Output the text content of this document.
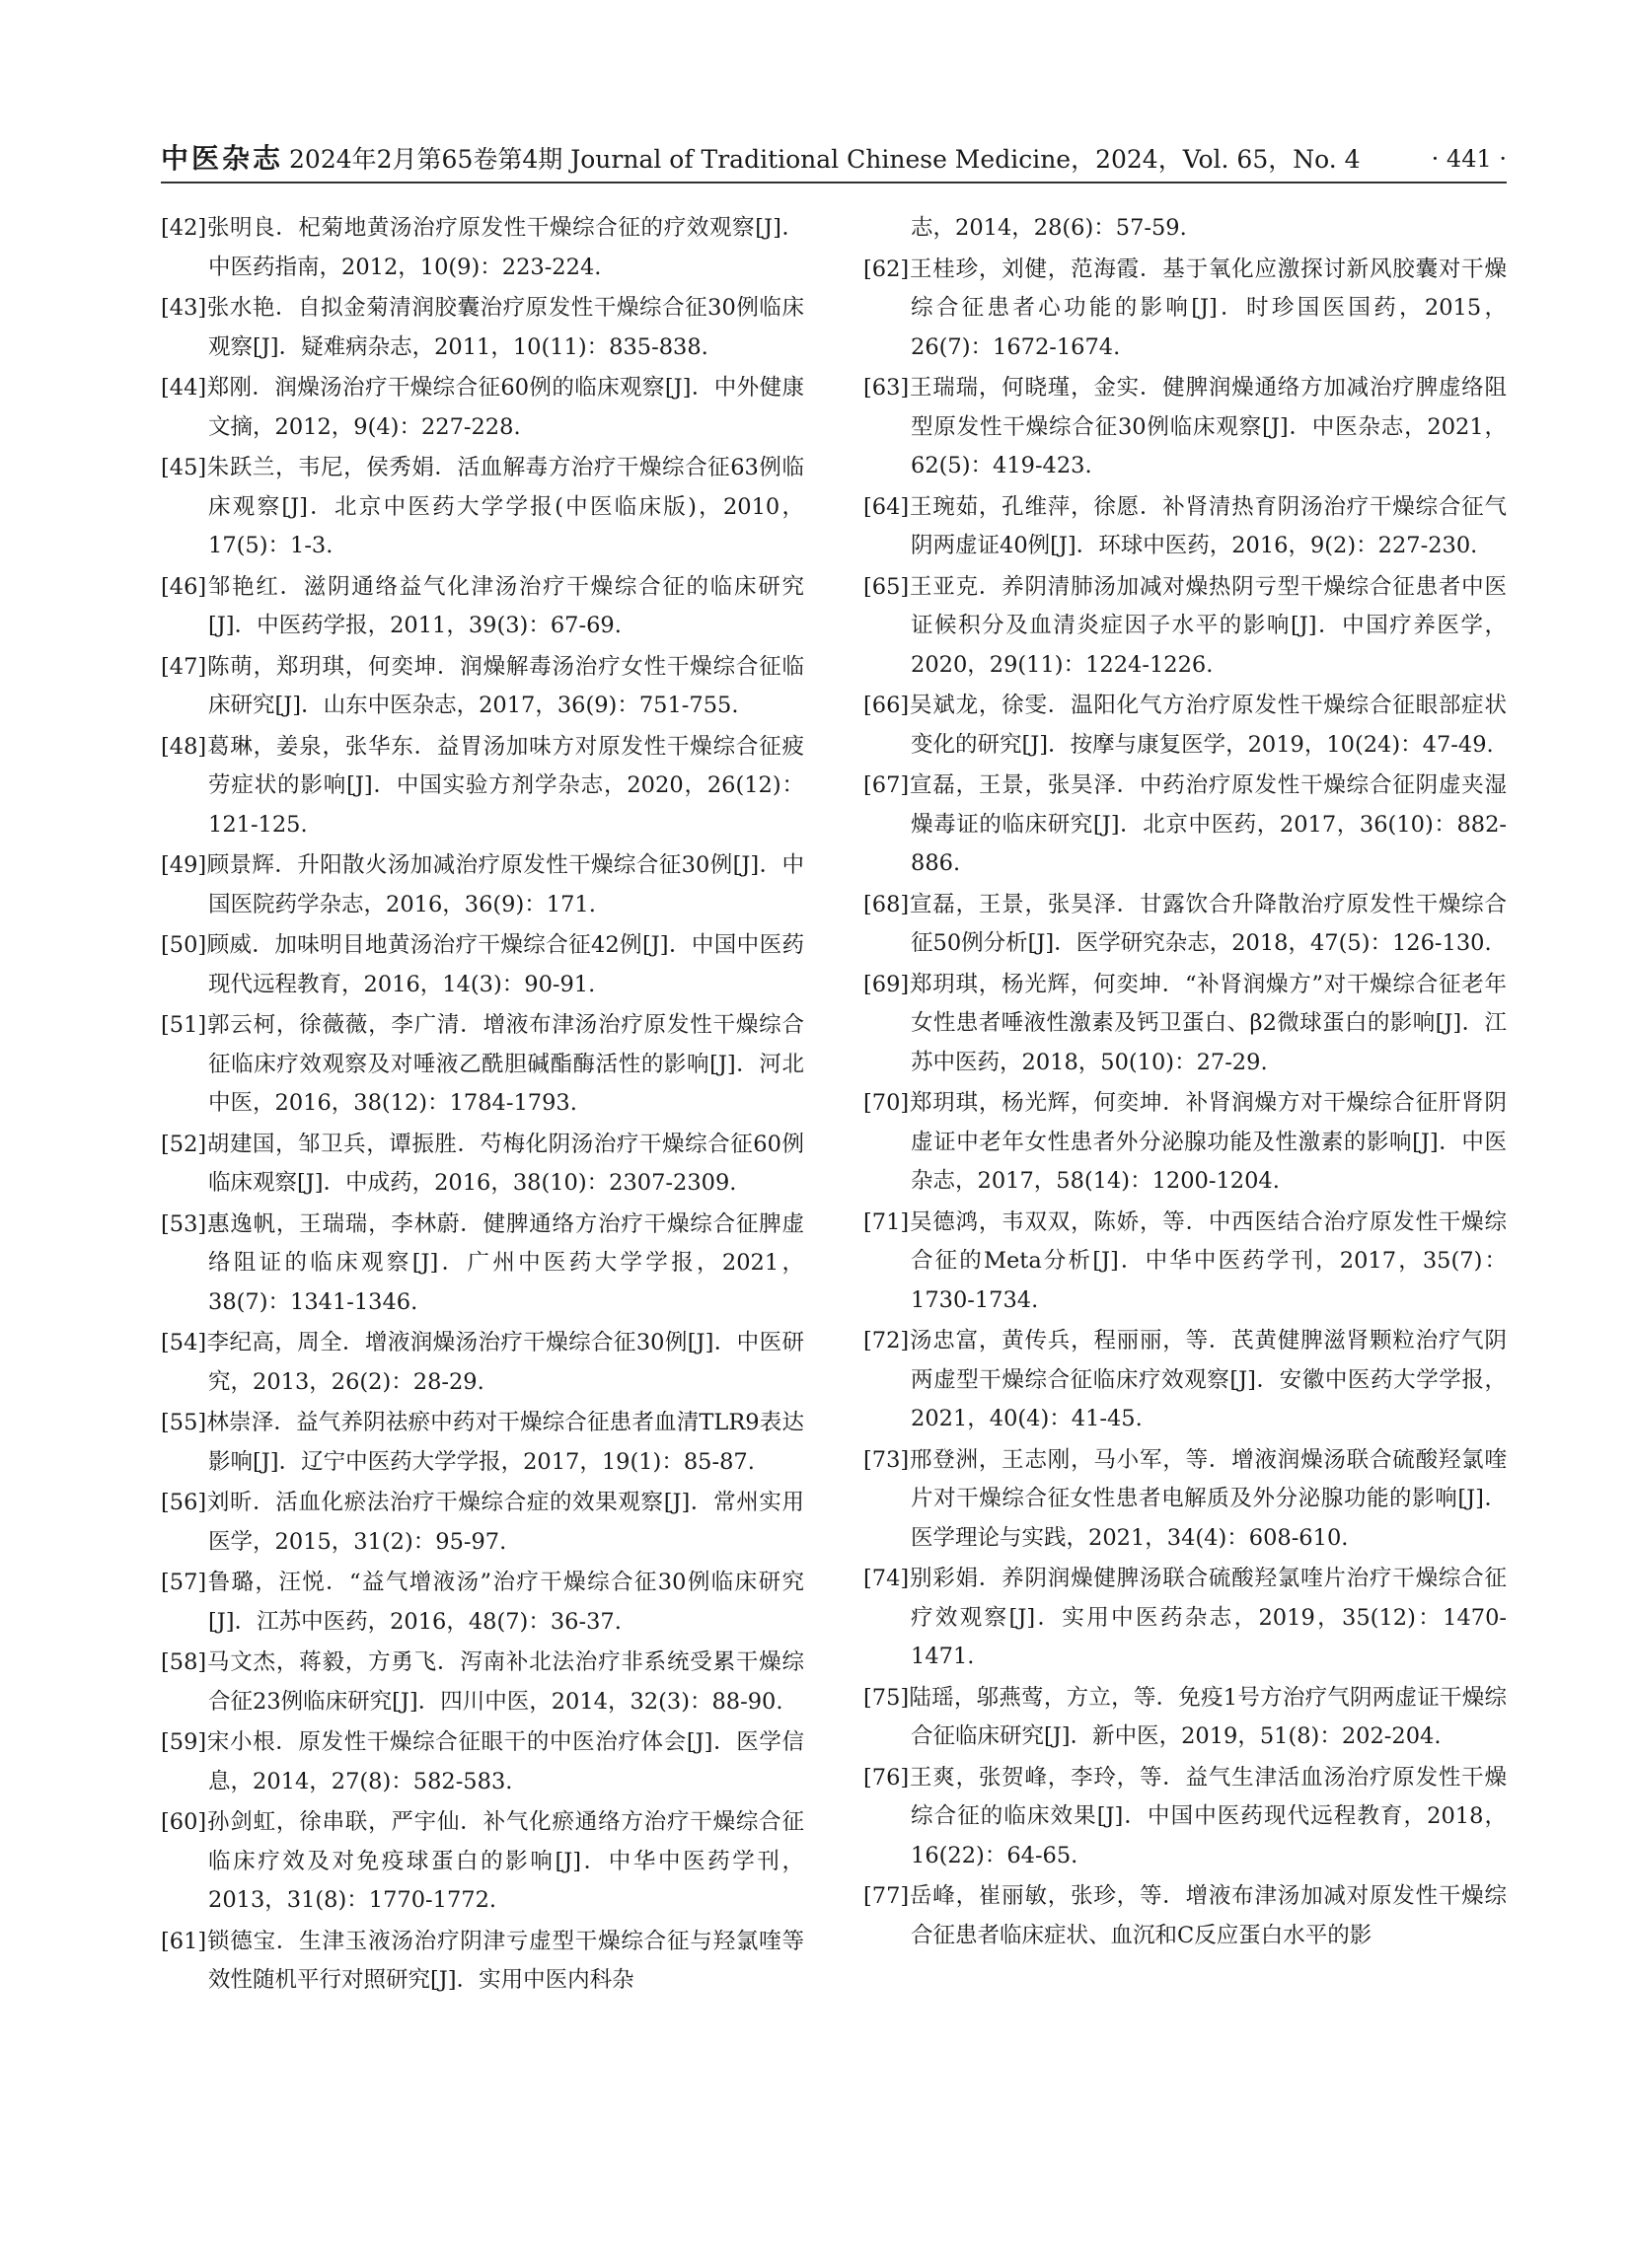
中医杂志 2024年2月第65卷第4期 Journal of Traditional Chinese Medicine，2024，Vol. 65，No. 4	· 441 ·

[42]张明良．杞菊地黄汤治疗原发性干燥综合征的疗效观察[J]．中医药指南，2012，10(9)：223-224.

[43]张水艳．自拟金菊清润胶囊治疗原发性干燥综合征30例临床观察[J]．疑难病杂志，2011，10(11)：835-838.

[44]郑刚．润燥汤治疗干燥综合征60例的临床观察[J]．中外健康文摘，2012，9(4)：227-228.

[45]朱跃兰，韦尼，侯秀娟．活血解毒方治疗干燥综合征63例临床观察[J]．北京中医药大学学报(中医临床版)，2010，17(5)：1-3.

[46]邹艳红．滋阴通络益气化津汤治疗干燥综合征的临床研究[J]．中医药学报，2011，39(3)：67-69.

[47]陈萌，郑玥琪，何奕坤．润燥解毒汤治疗女性干燥综合征临床研究[J]．山东中医杂志，2017，36(9)：751-755.

[48]葛琳，姜泉，张华东．益胃汤加味方对原发性干燥综合征疲劳症状的影响[J]．中国实验方剂学杂志，2020，26(12)：121-125.

[49]顾景辉．升阳散火汤加减治疗原发性干燥综合征30例[J]．中国医院药学杂志，2016，36(9)：171.

[50]顾威．加味明目地黄汤治疗干燥综合征42例[J]．中国中医药现代远程教育，2016，14(3)：90-91.

[51]郭云柯，徐薇薇，李广清．增液布津汤治疗原发性干燥综合征临床疗效观察及对唾液乙酰胆碱酯酶活性的影响[J]．河北中医，2016，38(12)：1784-1793.

[52]胡建国，邹卫兵，谭振胜．芍梅化阴汤治疗干燥综合征60例临床观察[J]．中成药，2016，38(10)：2307-2309.

[53]惠逸帆，王瑞瑞，李林蔚．健脾通络方治疗干燥综合征脾虚络阻证的临床观察[J]．广州中医药大学学报，2021，38(7)：1341-1346.

[54]李纪高，周全．增液润燥汤治疗干燥综合征30例[J]．中医研究，2013，26(2)：28-29.

[55]林崇泽．益气养阴祛瘀中药对干燥综合征患者血清TLR9表达影响[J]．辽宁中医药大学学报，2017，19(1)：85-87.

[56]刘昕．活血化瘀法治疗干燥综合症的效果观察[J]．常州实用医学，2015，31(2)：95-97.

[57]鲁璐，汪悦．“益气增液汤”治疗干燥综合征30例临床研究[J]．江苏中医药，2016，48(7)：36-37.

[58]马文杰，蒋毅，方勇飞．泻南补北法治疗非系统受累干燥综合征23例临床研究[J]．四川中医，2014，32(3)：88-90.

[59]宋小根．原发性干燥综合征眼干的中医治疗体会[J]．医学信息，2014，27(8)：582-583.

[60]孙剑虹，徐串联，严宇仙．补气化瘀通络方治疗干燥综合征临床疗效及对免疫球蛋白的影响[J]．中华中医药学刊，2013，31(8)：1770-1772.

[61]锁德宝．生津玉液汤治疗阴津亏虚型干燥综合征与羟氯喹等效性随机平行对照研究[J]．实用中医内科杂

志，2014，28(6)：57-59.

[62]王桂珍，刘健，范海霞．基于氧化应激探讨新风胶囊对干燥综合征患者心功能的影响[J]．时珍国医国药，2015，26(7)：1672-1674.

[63]王瑞瑞，何晓瑾，金实．健脾润燥通络方加减治疗脾虚络阻型原发性干燥综合征30例临床观察[J]．中医杂志，2021，62(5)：419-423.

[64]王琬茹，孔维萍，徐愿．补肾清热育阴汤治疗干燥综合征气阴两虚证40例[J]．环球中医药，2016，9(2)：227-230.

[65]王亚克．养阴清肺汤加减对燥热阴亏型干燥综合征患者中医证候积分及血清炎症因子水平的影响[J]．中国疗养医学，2020，29(11)：1224-1226.

[66]吴斌龙，徐雯．温阳化气方治疗原发性干燥综合征眼部症状变化的研究[J]．按摩与康复医学，2019，10(24)：47-49.

[67]宣磊，王景，张昊泽．中药治疗原发性干燥综合征阴虚夹湿燥毒证的临床研究[J]．北京中医药，2017，36(10)：882-886.

[68]宣磊，王景，张昊泽．甘露饮合升降散治疗原发性干燥综合征50例分析[J]．医学研究杂志，2018，47(5)：126-130.

[69]郑玥琪，杨光辉，何奕坤．“补肾润燥方”对干燥综合征老年女性患者唾液性激素及钙卫蛋白、β2微球蛋白的影响[J]．江苏中医药，2018，50(10)：27-29.

[70]郑玥琪，杨光辉，何奕坤．补肾润燥方对干燥综合征肝肾阴虚证中老年女性患者外分泌腺功能及性激素的影响[J]．中医杂志，2017，58(14)：1200-1204.

[71]吴德鸿，韦双双，陈娇，等．中西医结合治疗原发性干燥综合征的Meta分析[J]．中华中医药学刊，2017，35(7)：1730-1734.

[72]汤忠富，黄传兵，程丽丽，等．芪黄健脾滋肾颗粒治疗气阴两虚型干燥综合征临床疗效观察[J]．安徽中医药大学学报，2021，40(4)：41-45.

[73]邢登洲，王志刚，马小军，等．增液润燥汤联合硫酸羟氯喹片对干燥综合征女性患者电解质及外分泌腺功能的影响[J]．医学理论与实践，2021，34(4)：608-610.

[74]别彩娟．养阴润燥健脾汤联合硫酸羟氯喹片治疗干燥综合征疗效观察[J]．实用中医药杂志，2019，35(12)：1470-1471.

[75]陆瑶，邬燕莺，方立，等．免疫1号方治疗气阴两虚证干燥综合征临床研究[J]．新中医，2019，51(8)：202-204.

[76]王爽，张贺峰，李玲，等．益气生津活血汤治疗原发性干燥综合征的临床效果[J]．中国中医药现代远程教育，2018，16(22)：64-65.

[77]岳峰，崔丽敏，张珍，等．增液布津汤加减对原发性干燥综合征患者临床症状、血沉和C反应蛋白水平的影
